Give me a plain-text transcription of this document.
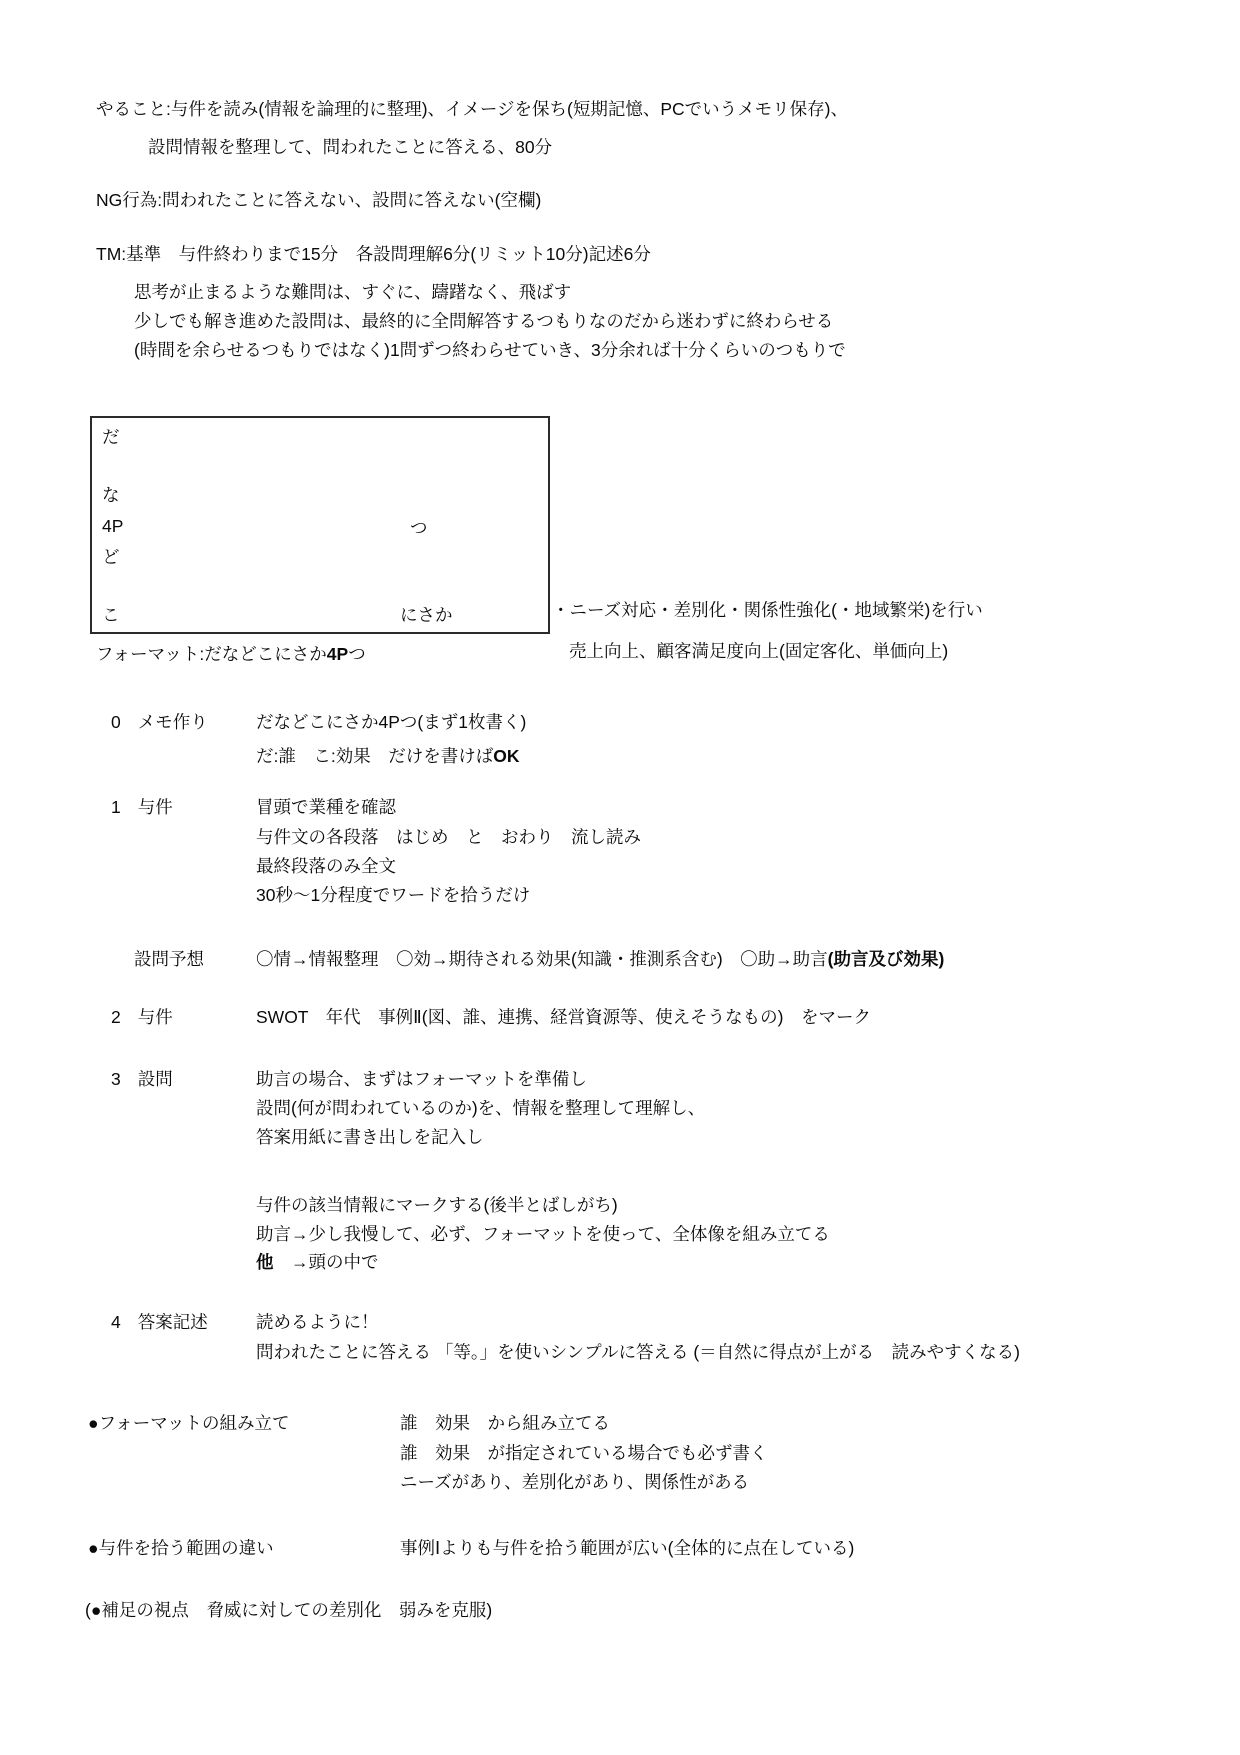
やること:与件を読み(情報を論理的に整理)、イメージを保ち(短期記憶、PCでいうメモリ保存)、
設問情報を整理して、問われたことに答える、80分
NG行為:問われたことに答えない、設問に答えない(空欄)
TM:基準　与件終わりまで15分　各設問理解6分(リミット10分)記述6分
思考が止まるような難問は、すぐに、躊躇なく、飛ばす
少しでも解き進めた設問は、最終的に全問解答するつもりなのだから迷わずに終わらせる
(時間を余らせるつもりではなく)1問ずつ終わらせていき、3分余れば十分くらいのつもりで
だ
な
4P	つ
ど
こ	にさか	・ニーズ対応・差別化・関係性強化(・地域繁栄)を行い
売上向上、顧客満足度向上(固定客化、単価向上)
フォーマット:だなどこにさか4Pつ
0 メモ作り	だなどこにさか4Pつ(まず1枚書く)
だ:誰　こ:効果　だけを書けばOK
1 与件	冒頭で業種を確認
与件文の各段落　はじめ　と　おわり　流し読み
最終段落のみ全文
30秒～1分程度でワードを拾うだけ
設問予想	〇情→情報整理　〇効→期待される効果(知識・推測系含む)　〇助→助言(助言及び効果)
2 与件	SWOT　年代　事例Ⅱ(図、誰、連携、経営資源等、使えそうなもの)　をマーク
3 設問	助言の場合、まずはフォーマットを準備し
設問(何が問われているのか)を、情報を整理して理解し、
答案用紙に書き出しを記入し
与件の該当情報にマークする(後半とばしがち)
助言→少し我慢して、必ず、フォーマットを使って、全体像を組み立てる
他　→頭の中で
4 答案記述	読めるように！
問われたことに答える 「等。」を使いシンプルに答える (＝自然に得点が上がる　読みやすくなる)
●フォーマットの組み立て	誰　効果　から組み立てる
誰　効果　が指定されている場合でも必ず書く
ニーズがあり、差別化があり、関係性がある
●与件を拾う範囲の違い	事例Ⅰよりも与件を拾う範囲が広い(全体的に点在している)
(●補足の視点　脅威に対しての差別化　弱みを克服)
